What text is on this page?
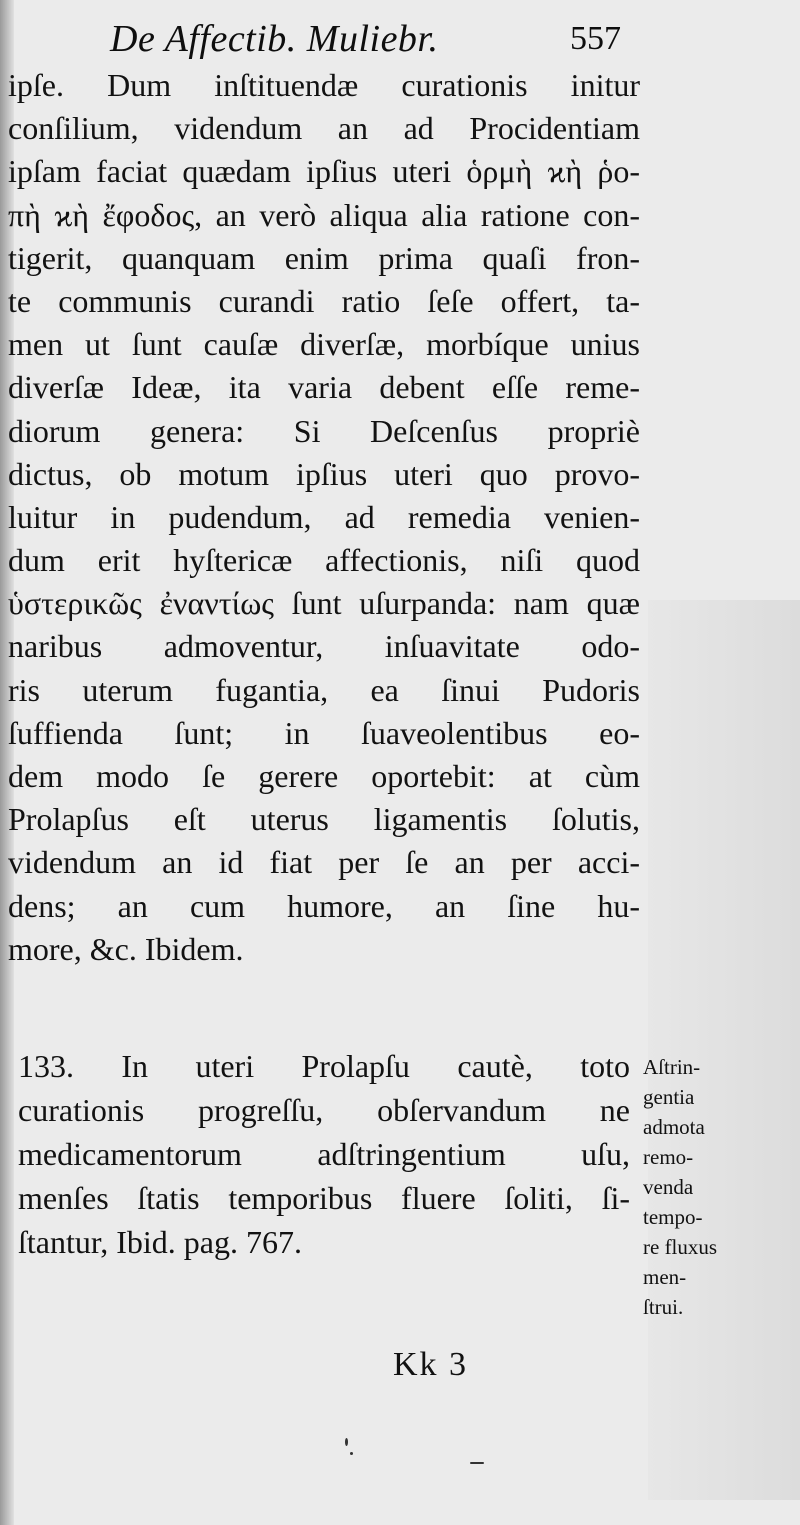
De Affectib. Muliebr.	557
ipſe. Dum inſtituendæ curationis initur
conſilium, videndum an ad Procidentiam
ipſam faciat quædam ipſius uteri ὁρμὴ ϰὴ ῥο-
πὴ ϰὴ ἔφοδος, an verò aliqua alia ratione con-
tigerit, quanquam enim prima quaſi fron-
te communis curandi ratio ſeſe offert, ta-
men ut ſunt cauſæ diverſæ, morbíque unius
diverſæ Ideæ, ita varia debent eſſe reme-
diorum genera: Si Deſcenſus propriè
dictus, ob motum ipſius uteri quo provo-
luitur in pudendum, ad remedia venien-
dum erit hyſtericæ affectionis, niſi quod
ὑστερικῶς ἐναντίως ſunt uſurpanda: nam quæ
naribus admoventur, inſuavitate odo-
ris uterum fugantia, ea ſinui Pudoris
ſuffienda ſunt; in ſuaveolentibus eo-
dem modo ſe gerere oportebit: at cùm
Prolapſus eſt uterus ligamentis ſolutis,
videndum an id fiat per ſe an per acci-
dens; an cum humore, an ſine hu-
more, &c. Ibidem.
133. In uteri Prolapſu cautè, toto
curationis progreſſu, obſervandum ne
medicamentorum adſtringentium uſu,
menſes ſtatis temporibus fluere ſoliti, ſi-
ſtantur, Ibid. pag. 767.
Aſtrin-
gentia
admota
remo-
venda
tempo-
re fluxus
men-
ſtrui.
Kk 3
